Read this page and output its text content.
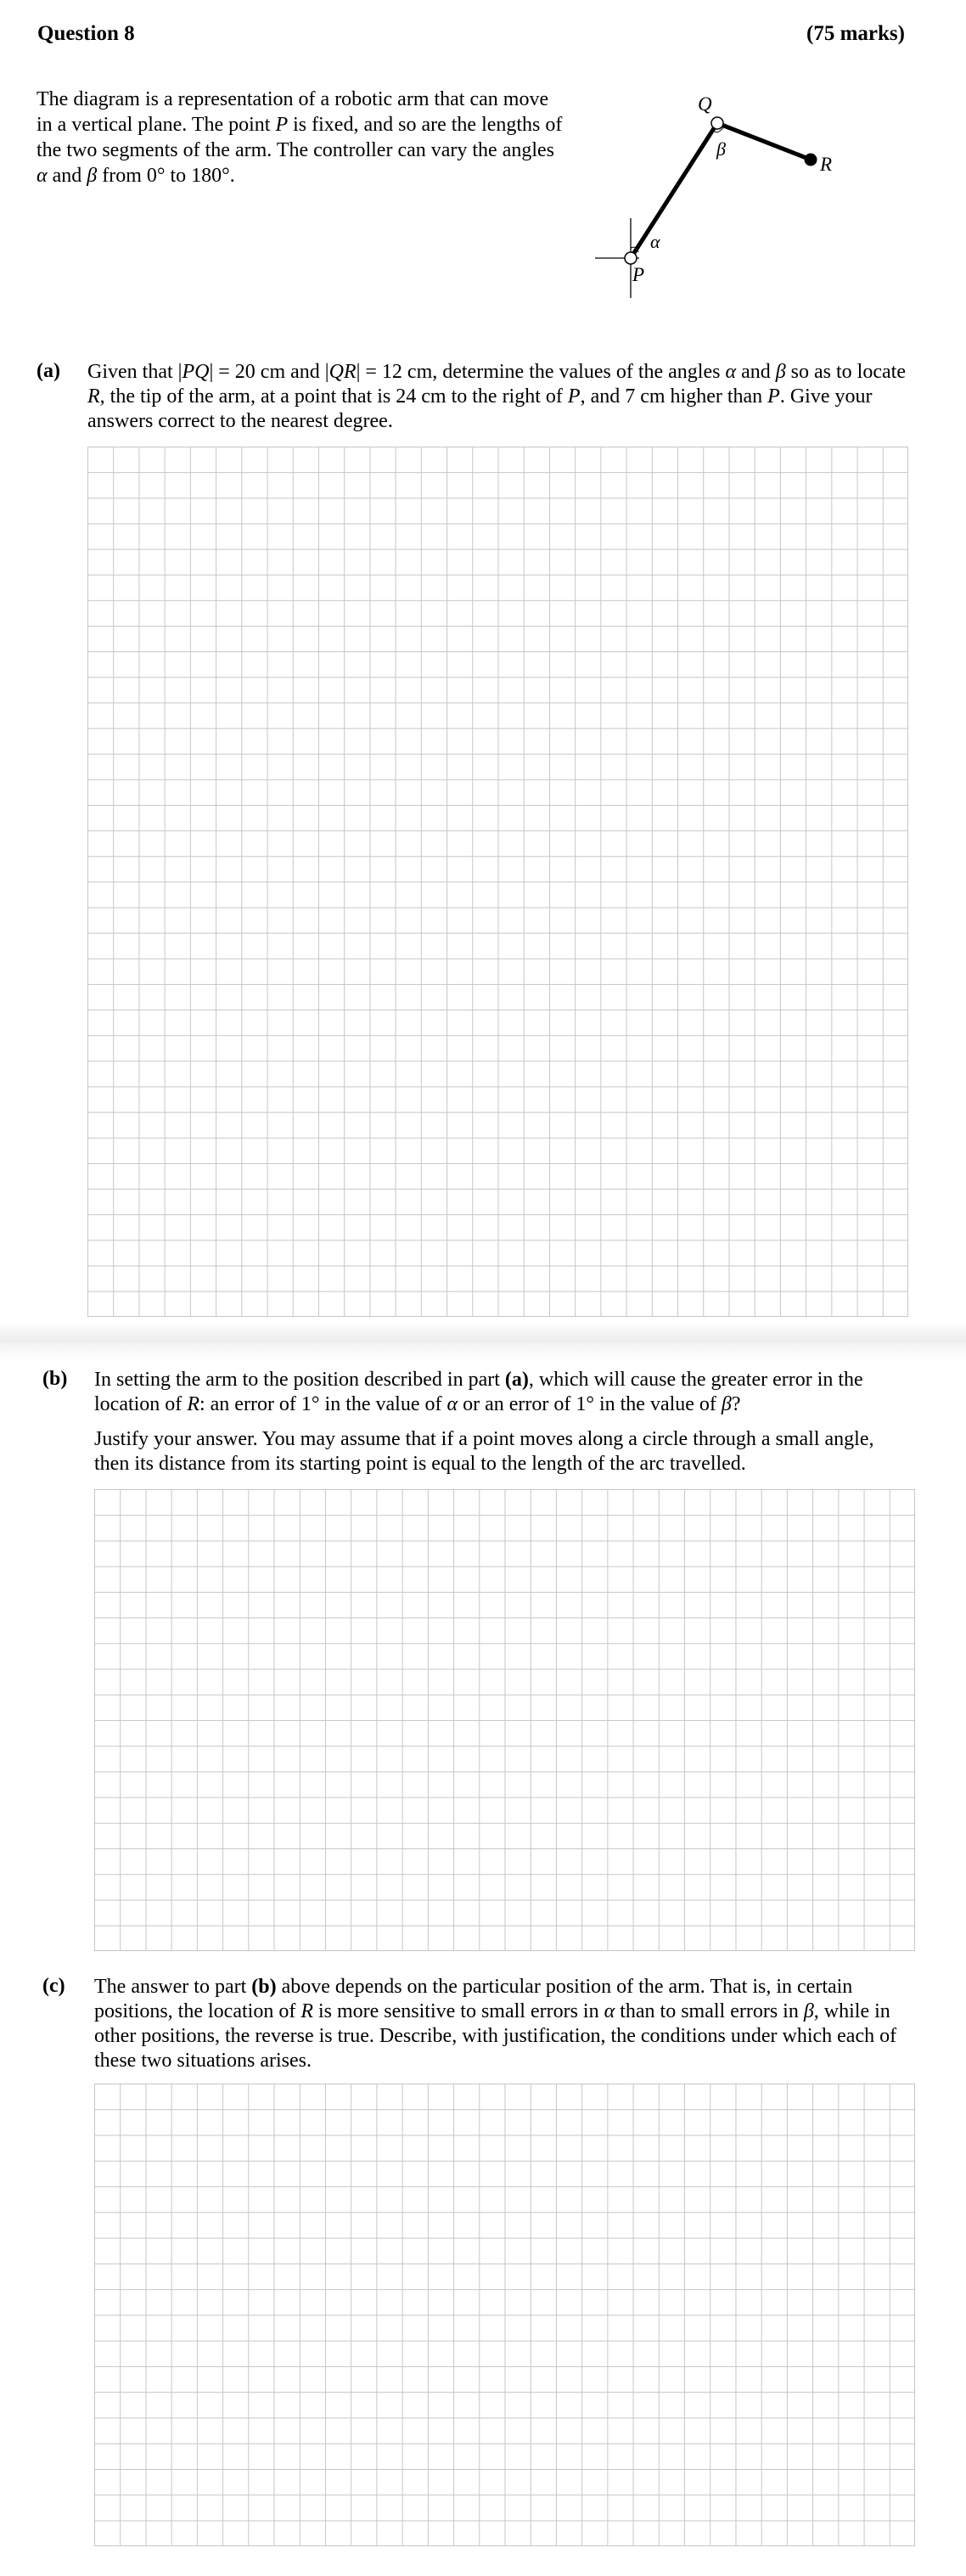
Question 8	(75 marks)
The diagram is a representation of a robotic arm that can move in a vertical plane. The point P is fixed, and so are the lengths of the two segments of the arm. The controller can vary the angles α and β from 0° to 180°.
Q
β
R
α
P
(a) Given that |PQ| = 20 cm and |QR| = 12 cm, determine the values of the angles α and β so as to locate R, the tip of the arm, at a point that is 24 cm to the right of P, and 7 cm higher than P. Give your answers correct to the nearest degree.
(b) In setting the arm to the position described in part (a), which will cause the greater error in the location of R: an error of 1° in the value of α or an error of 1° in the value of β?
Justify your answer. You may assume that if a point moves along a circle through a small angle, then its distance from its starting point is equal to the length of the arc travelled.
(c) The answer to part (b) above depends on the particular position of the arm. That is, in certain positions, the location of R is more sensitive to small errors in α than to small errors in β, while in other positions, the reverse is true. Describe, with justification, the conditions under which each of these two situations arises.
